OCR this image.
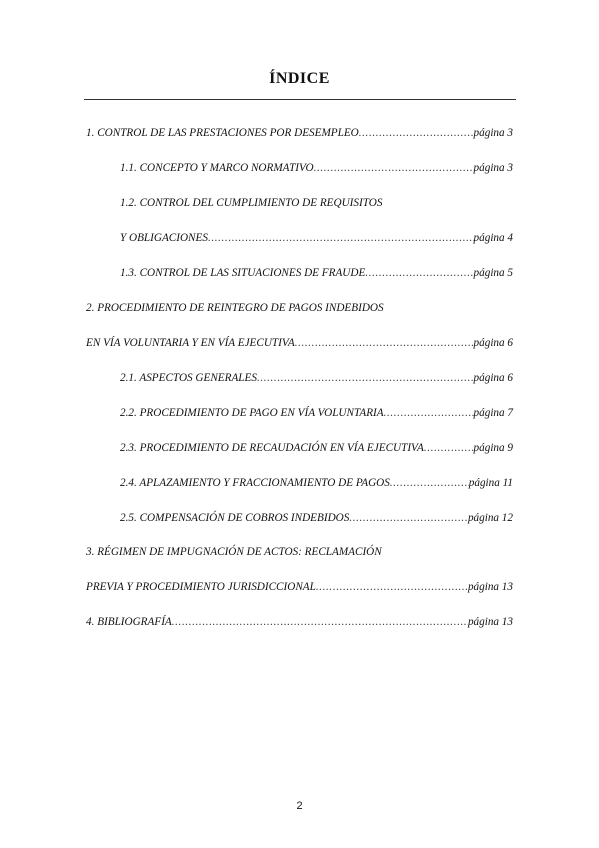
ÍNDICE
1. CONTROL DE LAS PRESTACIONES POR DESEMPLEO .....	página 3
1.1. CONCEPTO Y MARCO NORMATIVO .....	página 3
1.2. CONTROL DEL CUMPLIMIENTO DE REQUISITOS
Y OBLIGACIONES .....	página 4
1.3. CONTROL DE LAS SITUACIONES DE FRAUDE .....	página 5
2. PROCEDIMIENTO DE REINTEGRO DE PAGOS INDEBIDOS
EN VÍA VOLUNTARIA Y EN VÍA EJECUTIVA .....	página 6
2.1. ASPECTOS GENERALES .....	página 6
2.2. PROCEDIMIENTO DE PAGO EN VÍA VOLUNTARIA .....	página 7
2.3. PROCEDIMIENTO DE RECAUDACIÓN EN VÍA EJECUTIVA .....	página 9
2.4. APLAZAMIENTO Y FRACCIONAMIENTO DE PAGOS .....	página 11
2.5. COMPENSACIÓN DE COBROS INDEBIDOS .....	página 12
3. RÉGIMEN DE IMPUGNACIÓN DE ACTOS: RECLAMACIÓN
PREVIA Y PROCEDIMIENTO JURISDICCIONAL .....	página 13
4. BIBLIOGRAFÍA .....	página 13
2
